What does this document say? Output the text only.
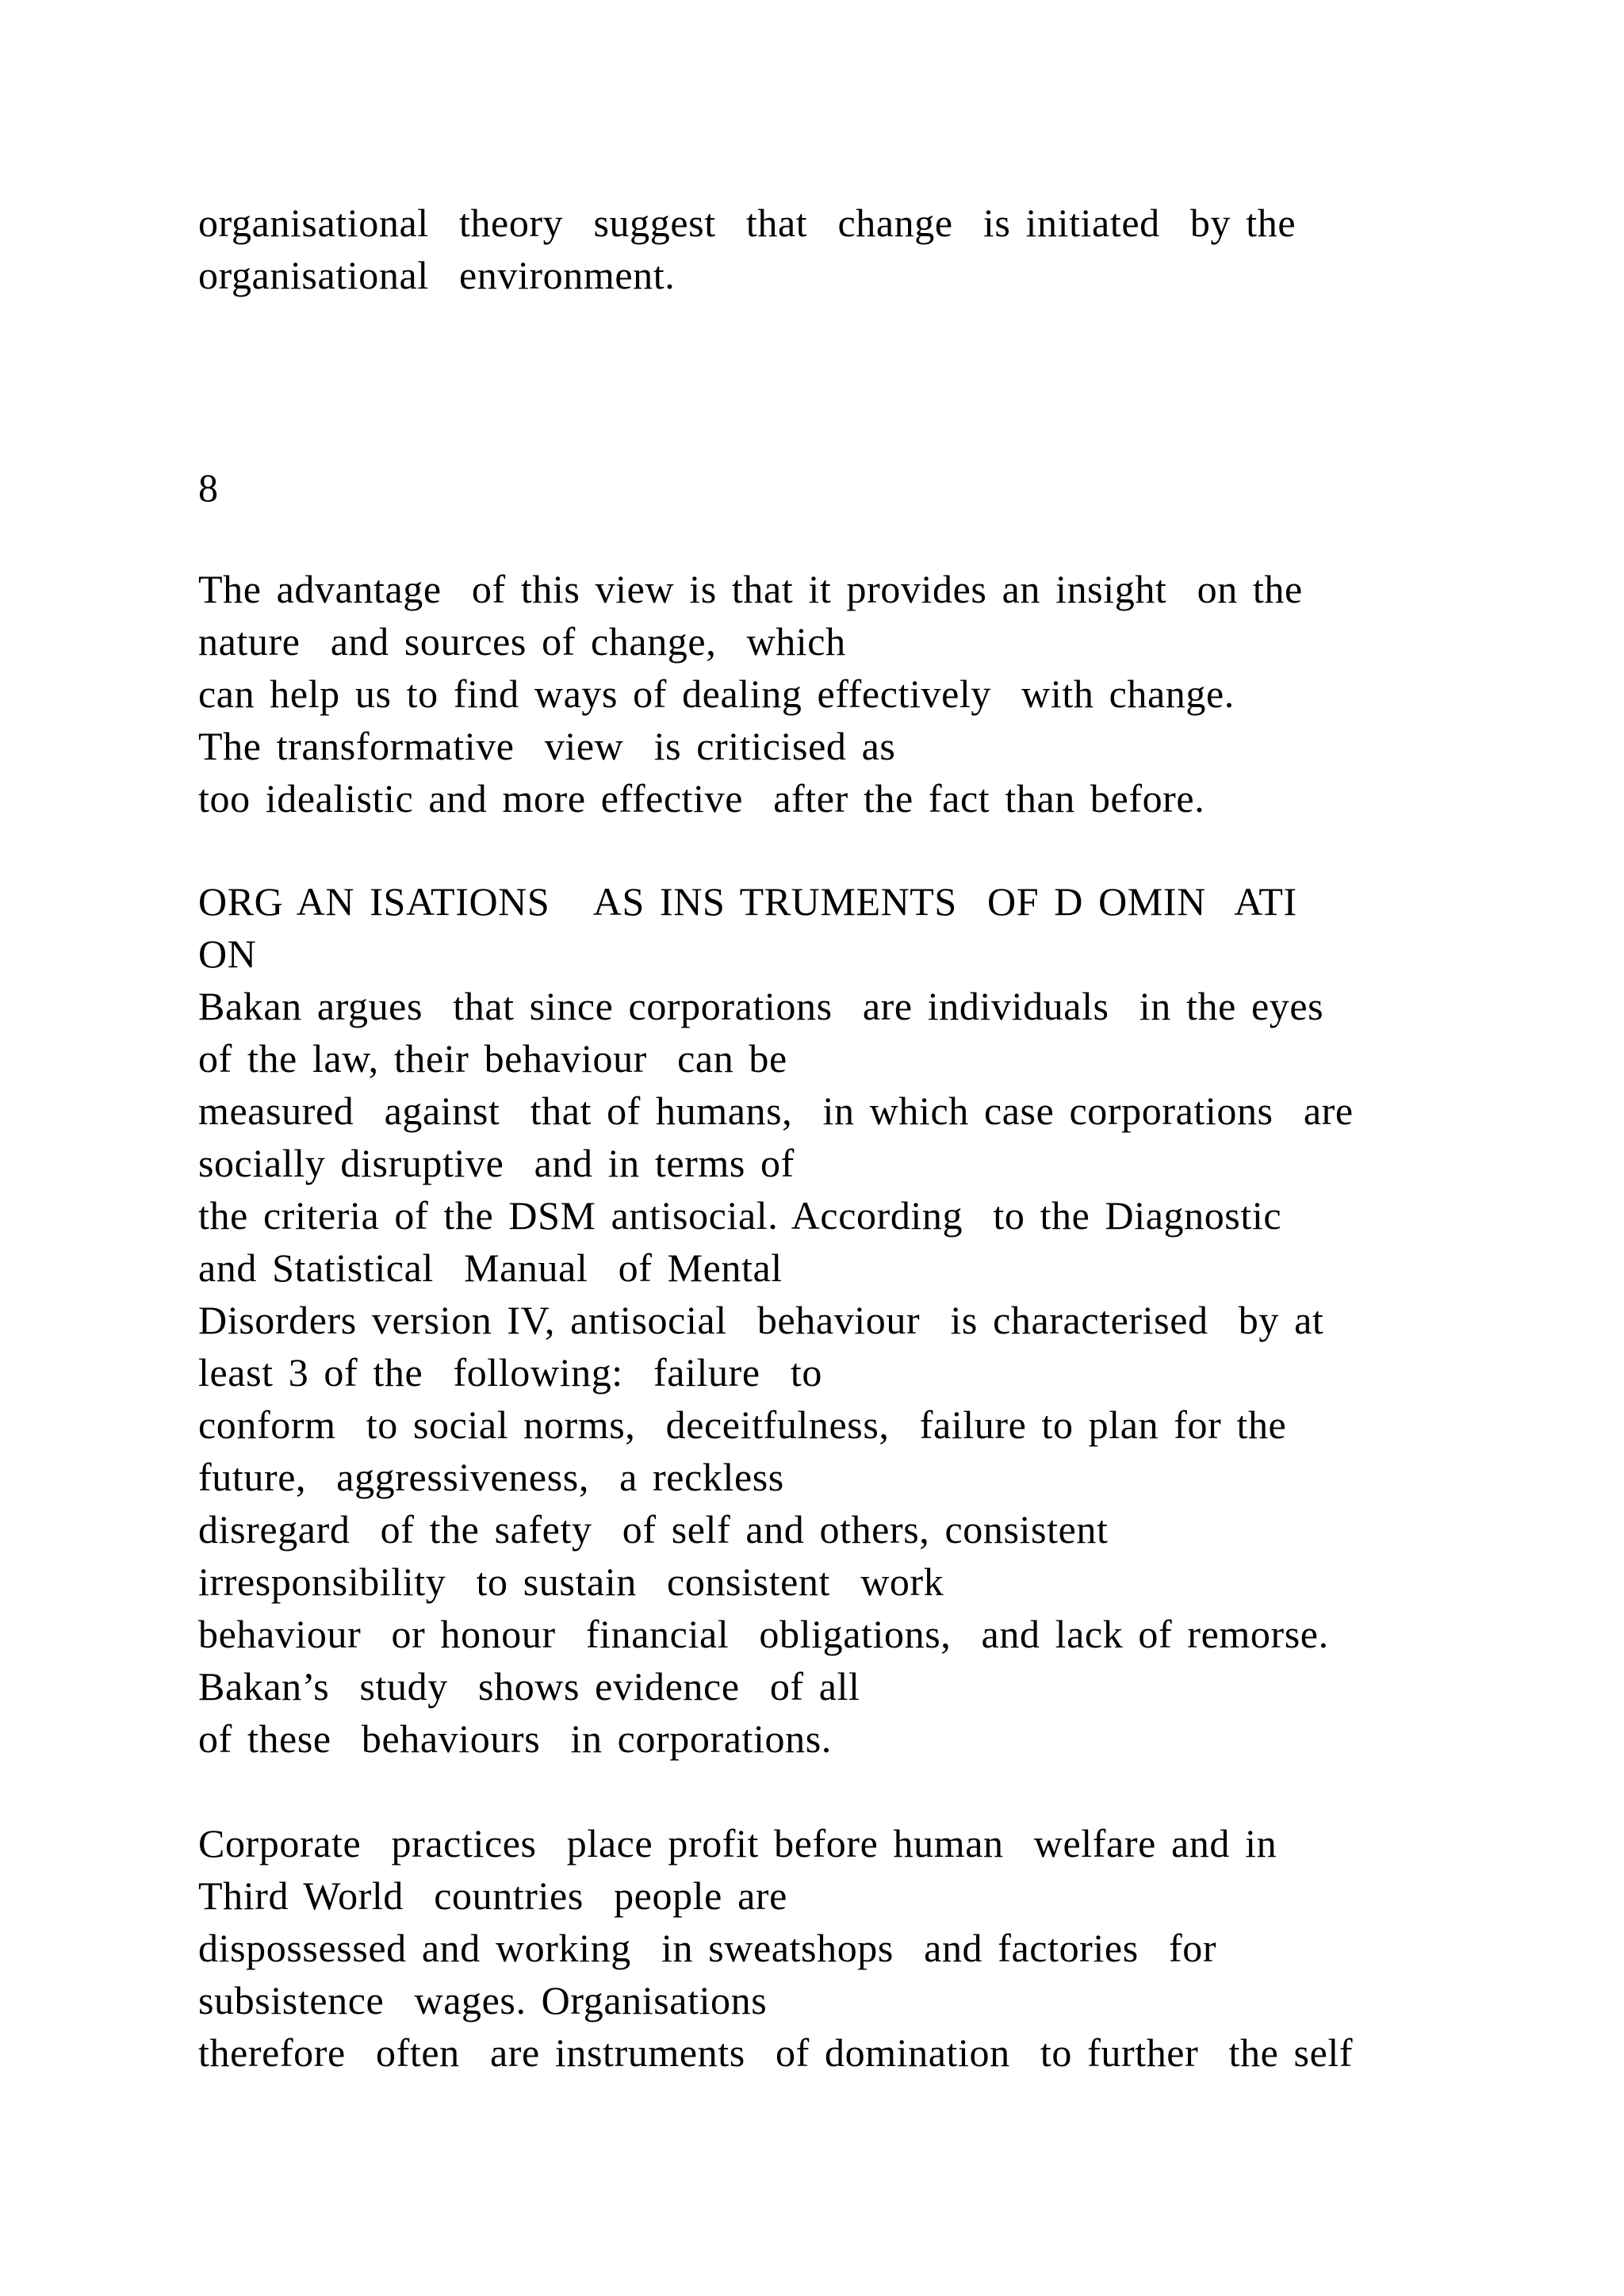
organisational  theory  suggest  that  change  is initiated  by the
organisational  environment.
8
The advantage  of this view is that it provides an insight  on the
nature  and sources of change,  which
can help us to find ways of dealing effectively  with change.
The transformative  view  is criticised as
too idealistic and more effective  after the fact than before.
ORG AN ISATIONS   AS INS TRUMENTS  OF D OMIN  ATI
ON
Bakan argues  that since corporations  are individuals  in the eyes
of the law, their behaviour  can be
measured  against  that of humans,  in which case corporations  are
socially disruptive  and in terms of
the criteria of the DSM antisocial. According  to the Diagnostic
and Statistical  Manual  of Mental
Disorders version IV, antisocial  behaviour  is characterised  by at
least 3 of the  following:  failure  to
conform  to social norms,  deceitfulness,  failure to plan for the
future,  aggressiveness,  a reckless
disregard  of the safety  of self and others, consistent
irresponsibility  to sustain  consistent  work
behaviour  or honour  financial  obligations,  and lack of remorse.
Bakan’s  study  shows evidence  of all
of these  behaviours  in corporations.
Corporate  practices  place profit before human  welfare and in
Third World  countries  people are
dispossessed and working  in sweatshops  and factories  for
subsistence  wages. Organisations
therefore  often  are instruments  of domination  to further  the self
